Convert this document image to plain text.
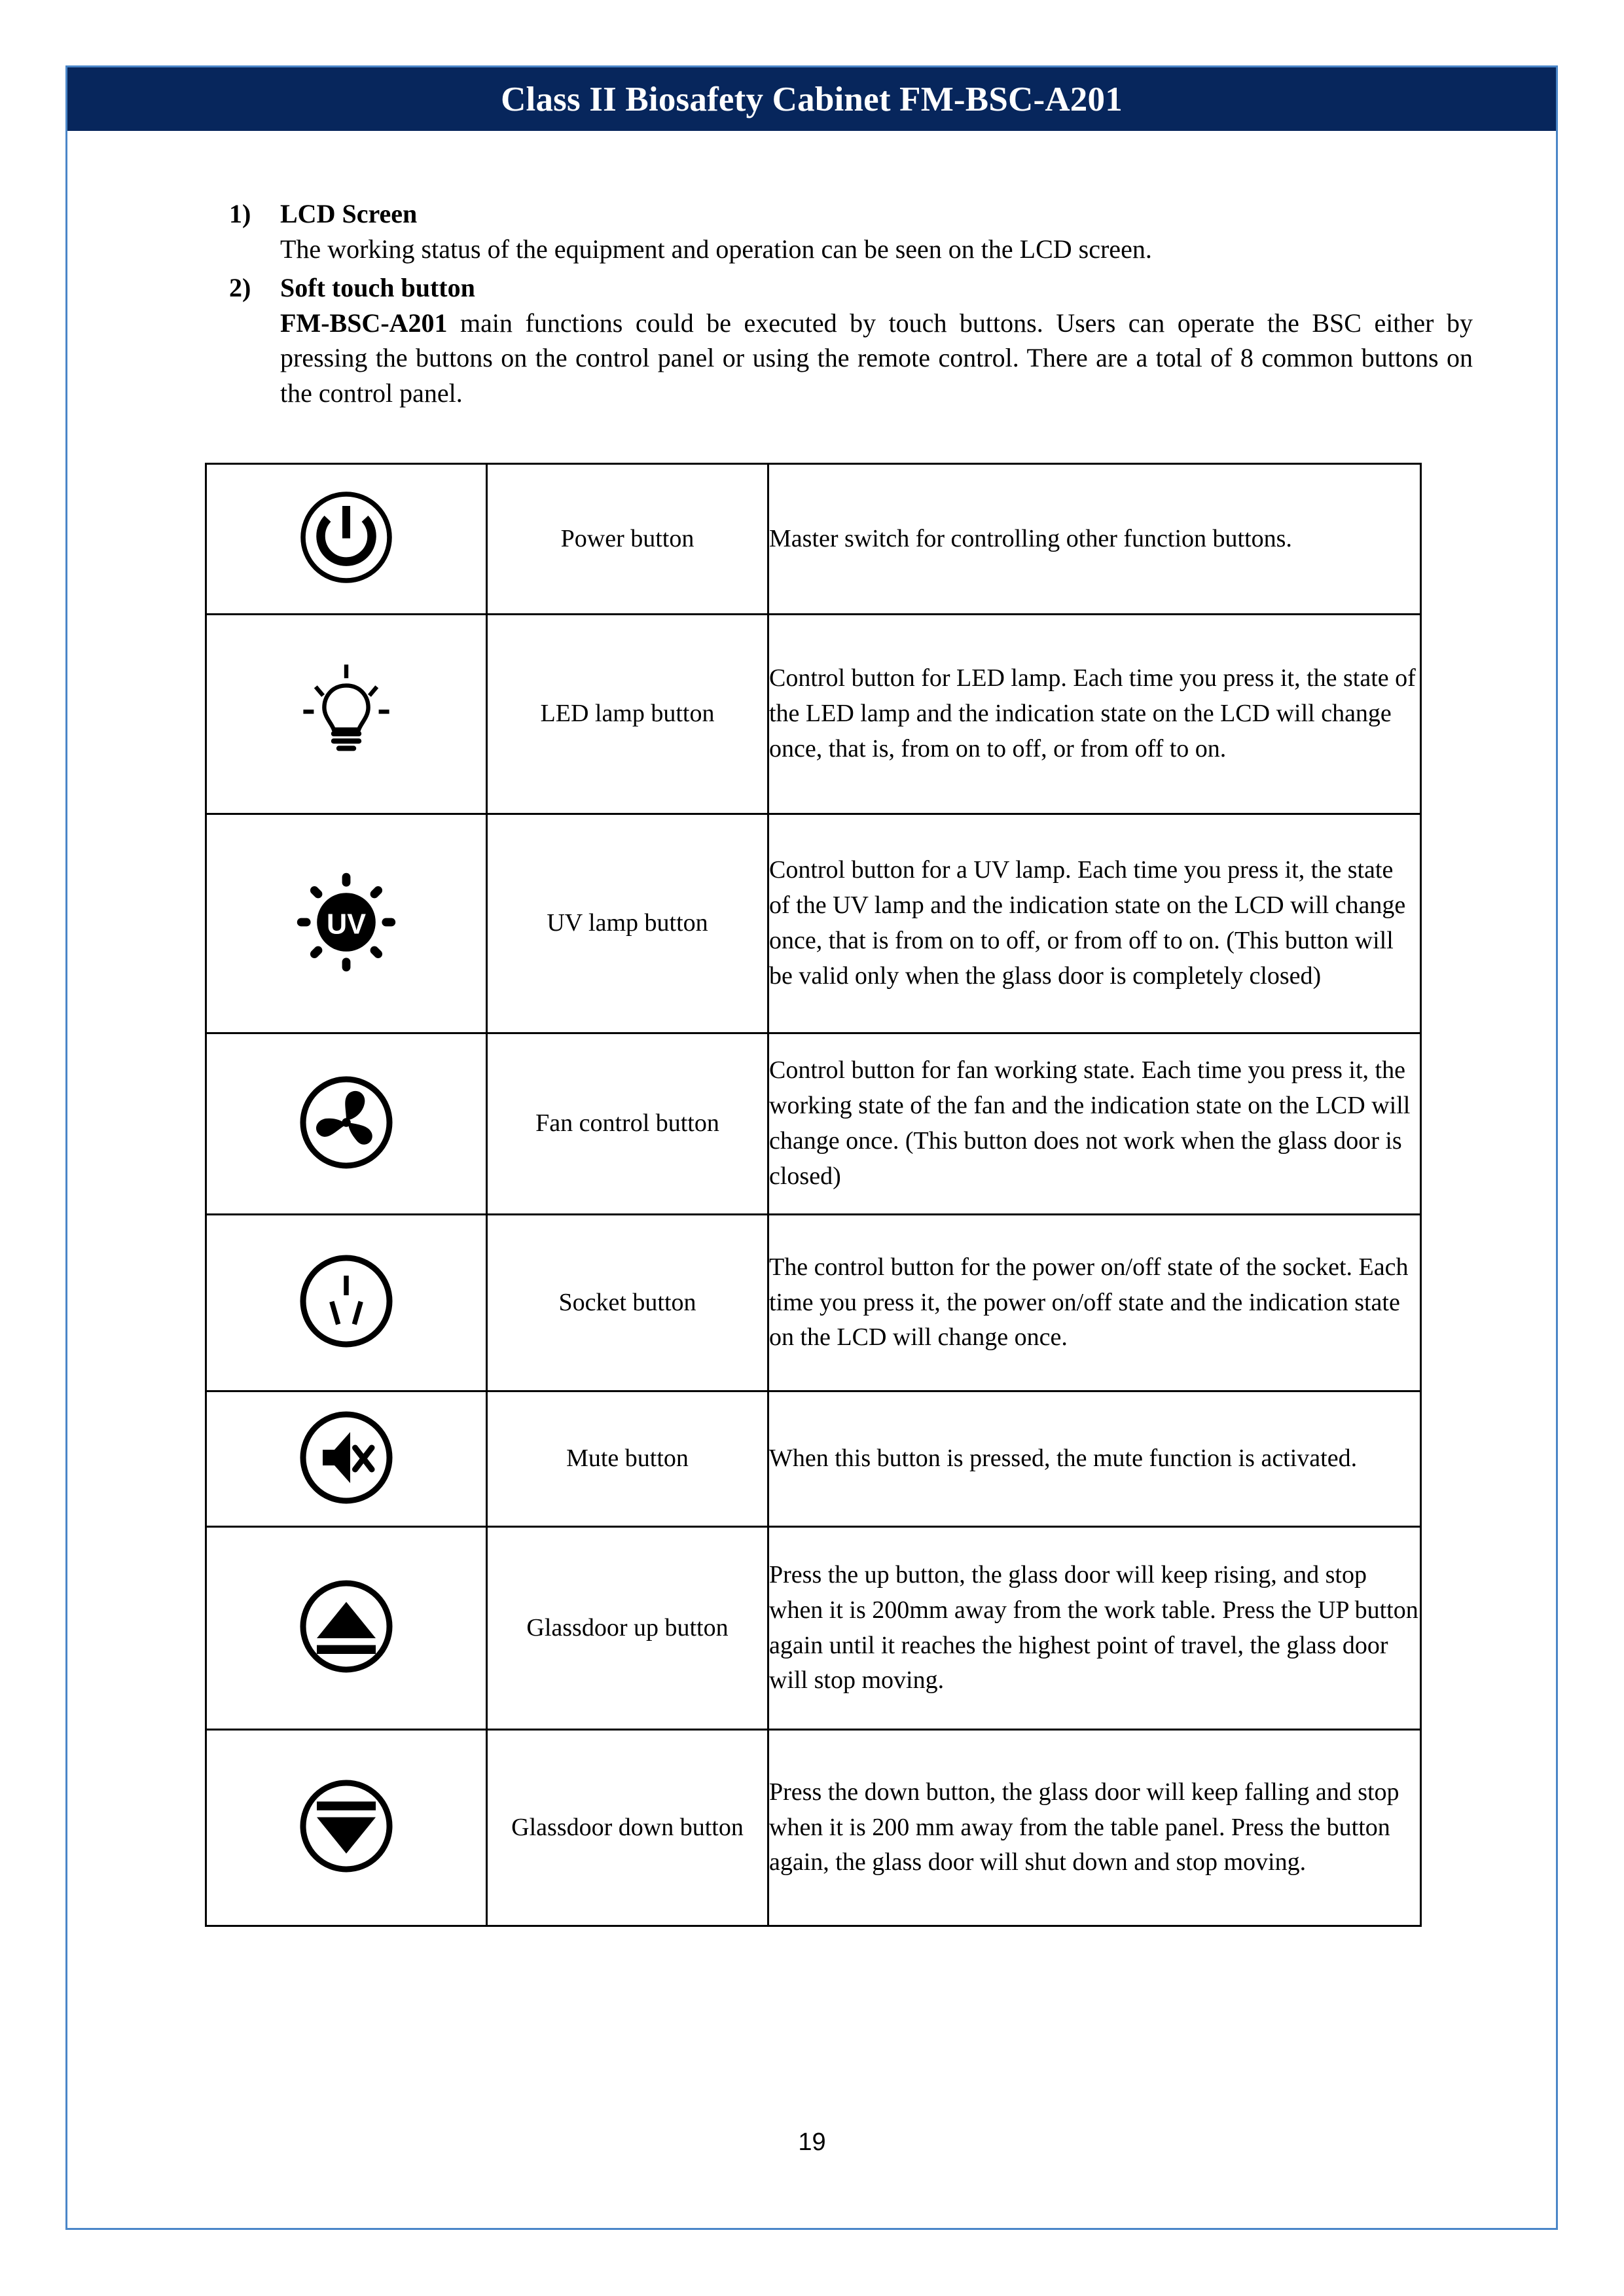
Class II Biosafety Cabinet FM-BSC-A201
1)	LCD Screen
The working status of the equipment and operation can be seen on the LCD screen.
2)	Soft touch button
FM-BSC-A201 main functions could be executed by touch buttons. Users can operate the BSC either by pressing the buttons on the control panel or using the remote control. There are a total of 8 common buttons on the control panel.
	Power button	Master switch for controlling other function buttons.
	LED lamp button	Control button for LED lamp. Each time you press it, the state of the LED lamp and the indication state on the LCD will change once, that is, from on to off, or from off to on.

UV	UV lamp button	Control button for a UV lamp. Each time you press it, the state of the UV lamp and the indication state on the LCD will change once, that is from on to off, or from off to on. (This button will be valid only when the glass door is completely closed)
	Fan control button	Control button for fan working state. Each time you press it, the working state of the fan and the indication state on the LCD will change once. (This button does not work when the glass door is closed)
	Socket button	The control button for the power on/off state of the socket. Each time you press it, the power on/off state and the indication state on the LCD will change once.
	Mute button	When this button is pressed, the mute function is activated.
	Glassdoor up button	Press the up button, the glass door will keep rising, and stop when it is 200mm away from the work table. Press the UP button again until it reaches the highest point of travel, the glass door will stop moving.
	Glassdoor down button	Press the down button, the glass door will keep falling and stop when it is 200 mm away from the table panel. Press the button again, the glass door will shut down and stop moving.
19
